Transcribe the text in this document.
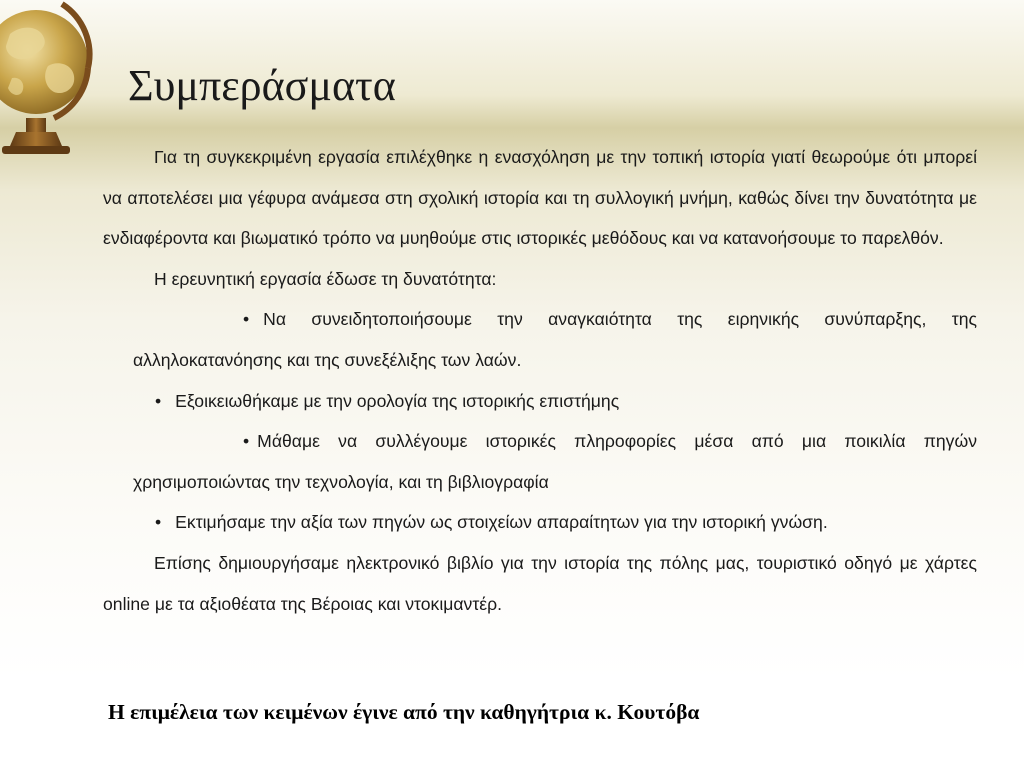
Συμπεράσματα

Για τη συγκεκριμένη εργασία επιλέχθηκε η ενασχόληση με την τοπική ιστορία γιατί θεωρούμε ότι μπορεί να αποτελέσει μια γέφυρα ανάμεσα στη σχολική ιστορία και τη συλλογική μνήμη, καθώς δίνει την δυνατότητα με ενδιαφέροντα και βιωματικό τρόπο να μυηθούμε στις ιστορικές μεθόδους και να κατανοήσουμε το παρελθόν.

Η ερευνητική εργασία έδωσε τη δυνατότητα:

• Να συνειδητοποιήσουμε την αναγκαιότητα της ειρηνικής συνύπαρξης, της αλληλοκατανόησης και της συνεξέλιξης των λαών.

• Εξοικειωθήκαμε με την ορολογία της ιστορικής επιστήμης

• Μάθαμε να συλλέγουμε ιστορικές πληροφορίες μέσα από μια ποικιλία πηγών χρησιμοποιώντας την τεχνολογία, και τη βιβλιογραφία

• Εκτιμήσαμε την αξία των πηγών ως στοιχείων απαραίτητων για την ιστορική γνώση.

Επίσης δημιουργήσαμε ηλεκτρονικό βιβλίο για την ιστορία της πόλης μας, τουριστικό οδηγό με χάρτες online με τα αξιοθέατα της Βέροιας και ντοκιμαντέρ.

Η επιμέλεια των κειμένων έγινε από την καθηγήτρια κ. Κουτόβα
